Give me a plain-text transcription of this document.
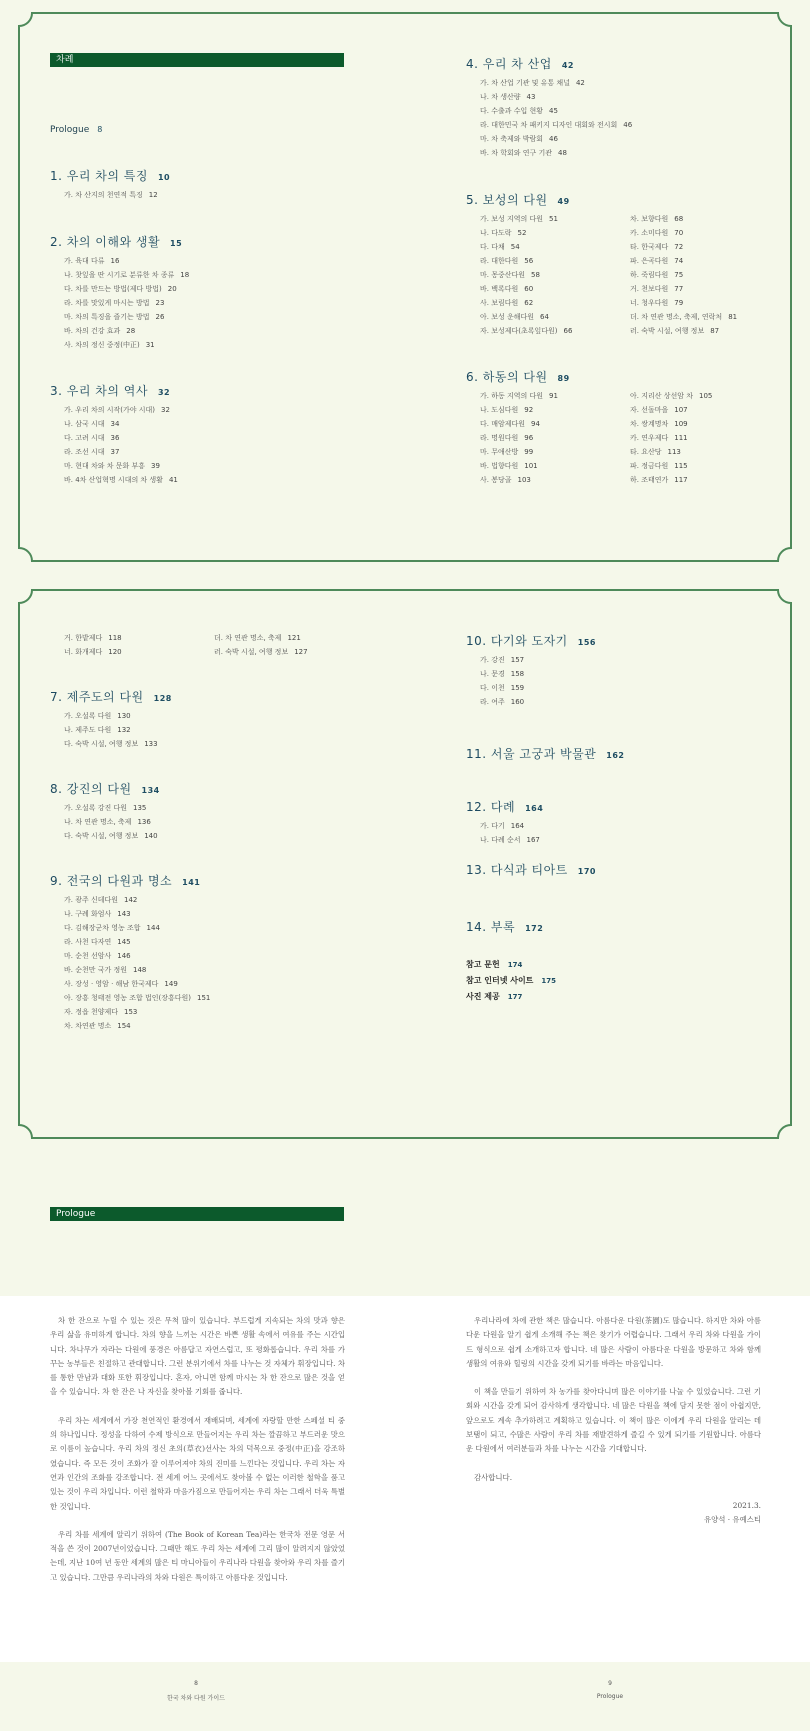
차례
Prologue 8
1. 우리 차의 특징 10
가. 차 산지의 천연적 특징 12
2. 차의 이해와 생활 15
가. 육대 다류 16
나. 찻잎을 딴 시기로 분류한 차 종류 18
다. 차를 만드는 방법(제다 방법) 20
라. 차를 맛있게 마시는 방법 23
마. 차의 특징을 즐기는 방법 26
바. 차의 건강 효과 28
사. 차의 정신 중정(中正) 31
3. 우리 차의 역사 32
가. 우리 차의 시작(가야 시대) 32
나. 삼국 시대 34
다. 고려 시대 36
라. 조선 시대 37
마. 현대 차와 차 문화 부흥 39
바. 4차 산업혁명 시대의 차 생활 41
4. 우리 차 산업 42
가. 차 산업 기관 및 유통 채널 42
나. 차 생산량 43
다. 수출과 수입 현황 45
라. 대한민국 차 패키지 디자인 대회와 전시회 46
마. 차 축제와 박람회 46
바. 차 학회와 연구 기관 48
5. 보성의 다원 49
가. 보성 지역의 다원 51
나. 다도락 52
다. 다채 54
라. 대한다원 56
마. 몽중산다원 58
바. 백록다원 60
사. 보림다원 62
아. 보성 운해다원 64
자. 보성제다(초록잎다원) 66
차. 보향다원 68
카. 소미다원 70
타. 한국제다 72
파. 은곡다원 74
하. 죽림다원 75
거. 천보다원 77
너. 청우다원 79
더. 차 연관 명소, 축제, 연락처 81
러. 숙박 시설, 여행 정보 87
6. 하동의 다원 89
가. 하동 지역의 다원 91
나. 도심다원 92
다. 매암제다원 94
라. 명원다원 96
마. 무애산방 99
바. 법향다원 101
사. 봉당골 103
아. 지리산 상선암 차 105
자. 선돌마을 107
차. 쌍계명차 109
카. 연우제다 111
타. 요산당 113
파. 정금다원 115
하. 조태연가 117
거. 한밭제다 118
너. 화개제다 120
더. 차 연관 명소, 축제 121
러. 숙박 시설, 여행 정보 127
7. 제주도의 다원 128
가. 오설록 다원 130
나. 제주도 다원 132
다. 숙박 시설, 여행 정보 133
8. 강진의 다원 134
가. 오설록 강진 다원 135
나. 차 연관 명소, 축제 136
다. 숙박 시설, 여행 정보 140
9. 전국의 다원과 명소 141
가. 광주 신데다원 142
나. 구례 화엄사 143
다. 김해장군차 영농 조합 144
라. 사천 다자연 145
마. 순천 선암사 146
바. 순천만 국가 정원 148
사. 장성 · 영암 · 해남 한국제다 149
아. 장흥 청태전 영농 조합 법인(장흥다원) 151
자. 정읍 천양제다 153
차. 차연관 명소 154
10. 다기와 도자기 156
가. 강진 157
나. 문경 158
다. 이천 159
라. 여주 160
11. 서울 고궁과 박물관 162
12. 다례 164
가. 다기 164
나. 다례 순서 167
13. 다식과 티아트 170
14. 부록 172
참고 문헌 174
참고 인터넷 사이트 175
사진 제공 177
Prologue

차 한 잔으로 누릴 수 있는 것은 무척 많이 있습니다. 부드럽게 지속되는 차의 맛과 향은 우리 삶을 유미하게 합니다. 차의 향을 느끼는 시간은 바쁜 생활 속에서 여유를 주는 시간입니다. 차나무가 자라는 다원에 풍경은 아름답고 자연스럽고, 또 평화롭습니다. 우리 차를 가꾸는 농부들은 친절하고 관대합니다. 그런 분위기에서 차를 나누는 것 자체가 휘장입니다. 차를 통한 만남과 대화 또한 휘장입니다. 혼자, 아니면 함께 마시는 차 한 잔으로 많은 것을 얻을 수 있습니다. 차 한 잔은 나 자신을 찾아볼 기회를 줍니다.

우리 차는 세계에서 가장 천연적인 환경에서 재배되며, 세계에 자랑할 만한 스페셜 티 중의 하나입니다. 정성을 다하여 수제 방식으로 만들어지는 우리 차는 깔끔하고 부드러운 맛으로 이름이 높습니다. 우리 차의 정신 초의(草衣)선사는 차의 덕목으로 중정(中正)을 강조하였습니다. 즉 모든 것이 조화가 잘 이루어져야 차의 진미를 느낀다는 것입니다. 우리 차는 자연과 인간의 조화를 강조합니다. 전 세계 어느 곳에서도 찾아볼 수 없는 이러한 철학을 품고 있는 것이 우리 차입니다. 이런 철학과 마음가짐으로 만들어지는 우리 차는 그래서 더욱 특별한 것입니다.

우리 차를 세계에 알리기 위하여 (The Book of Korean Tea)라는 한국차 전문 영문 서적을 쓴 것이 2007년이었습니다. 그때만 해도 우리 차는 세계에 그리 많이 알려지지 않았었는데, 지난 10여 년 동안 세계의 많은 티 마니아들이 우리나라 다원을 찾아와 우리 차를 즐기고 있습니다. 그만큼 우리나라의 차와 다원은 특이하고 아름다운 것입니다.

우리나라에 차에 관한 책은 많습니다. 아름다운 다원(茶園)도 많습니다. 하지만 차와 아름다운 다원을 알기 쉽게 소개해 주는 책은 찾기가 어렵습니다. 그래서 우리 차와 다원을 가이드 형식으로 쉽게 소개하고자 합니다. 네 많은 사람이 아름다운 다원을 방문하고 차와 함께 생활의 여유와 힐링의 시간을 갖게 되기를 바라는 마음입니다.

이 책을 만들기 위하여 차 농가를 찾아다니며 많은 이야기를 나눌 수 있었습니다. 그런 기회와 시간을 갖게 되어 감사하게 생각합니다. 네 많은 다원을 책에 담지 못한 점이 아쉽지만, 앞으로도 계속 추가하려고 계획하고 있습니다. 이 책이 많은 이에게 우리 다원을 알리는 데 보탬이 되고, 수많은 사람이 우리 차를 재발견하게 즐길 수 있게 되기를 기원합니다. 아름다운 다원에서 여러분들과 차를 나누는 시간을 기대합니다.

감사합니다.

2021.3.
유양석 · 유예스티
8
한국 차와 다원 가이드
9
Prologue
